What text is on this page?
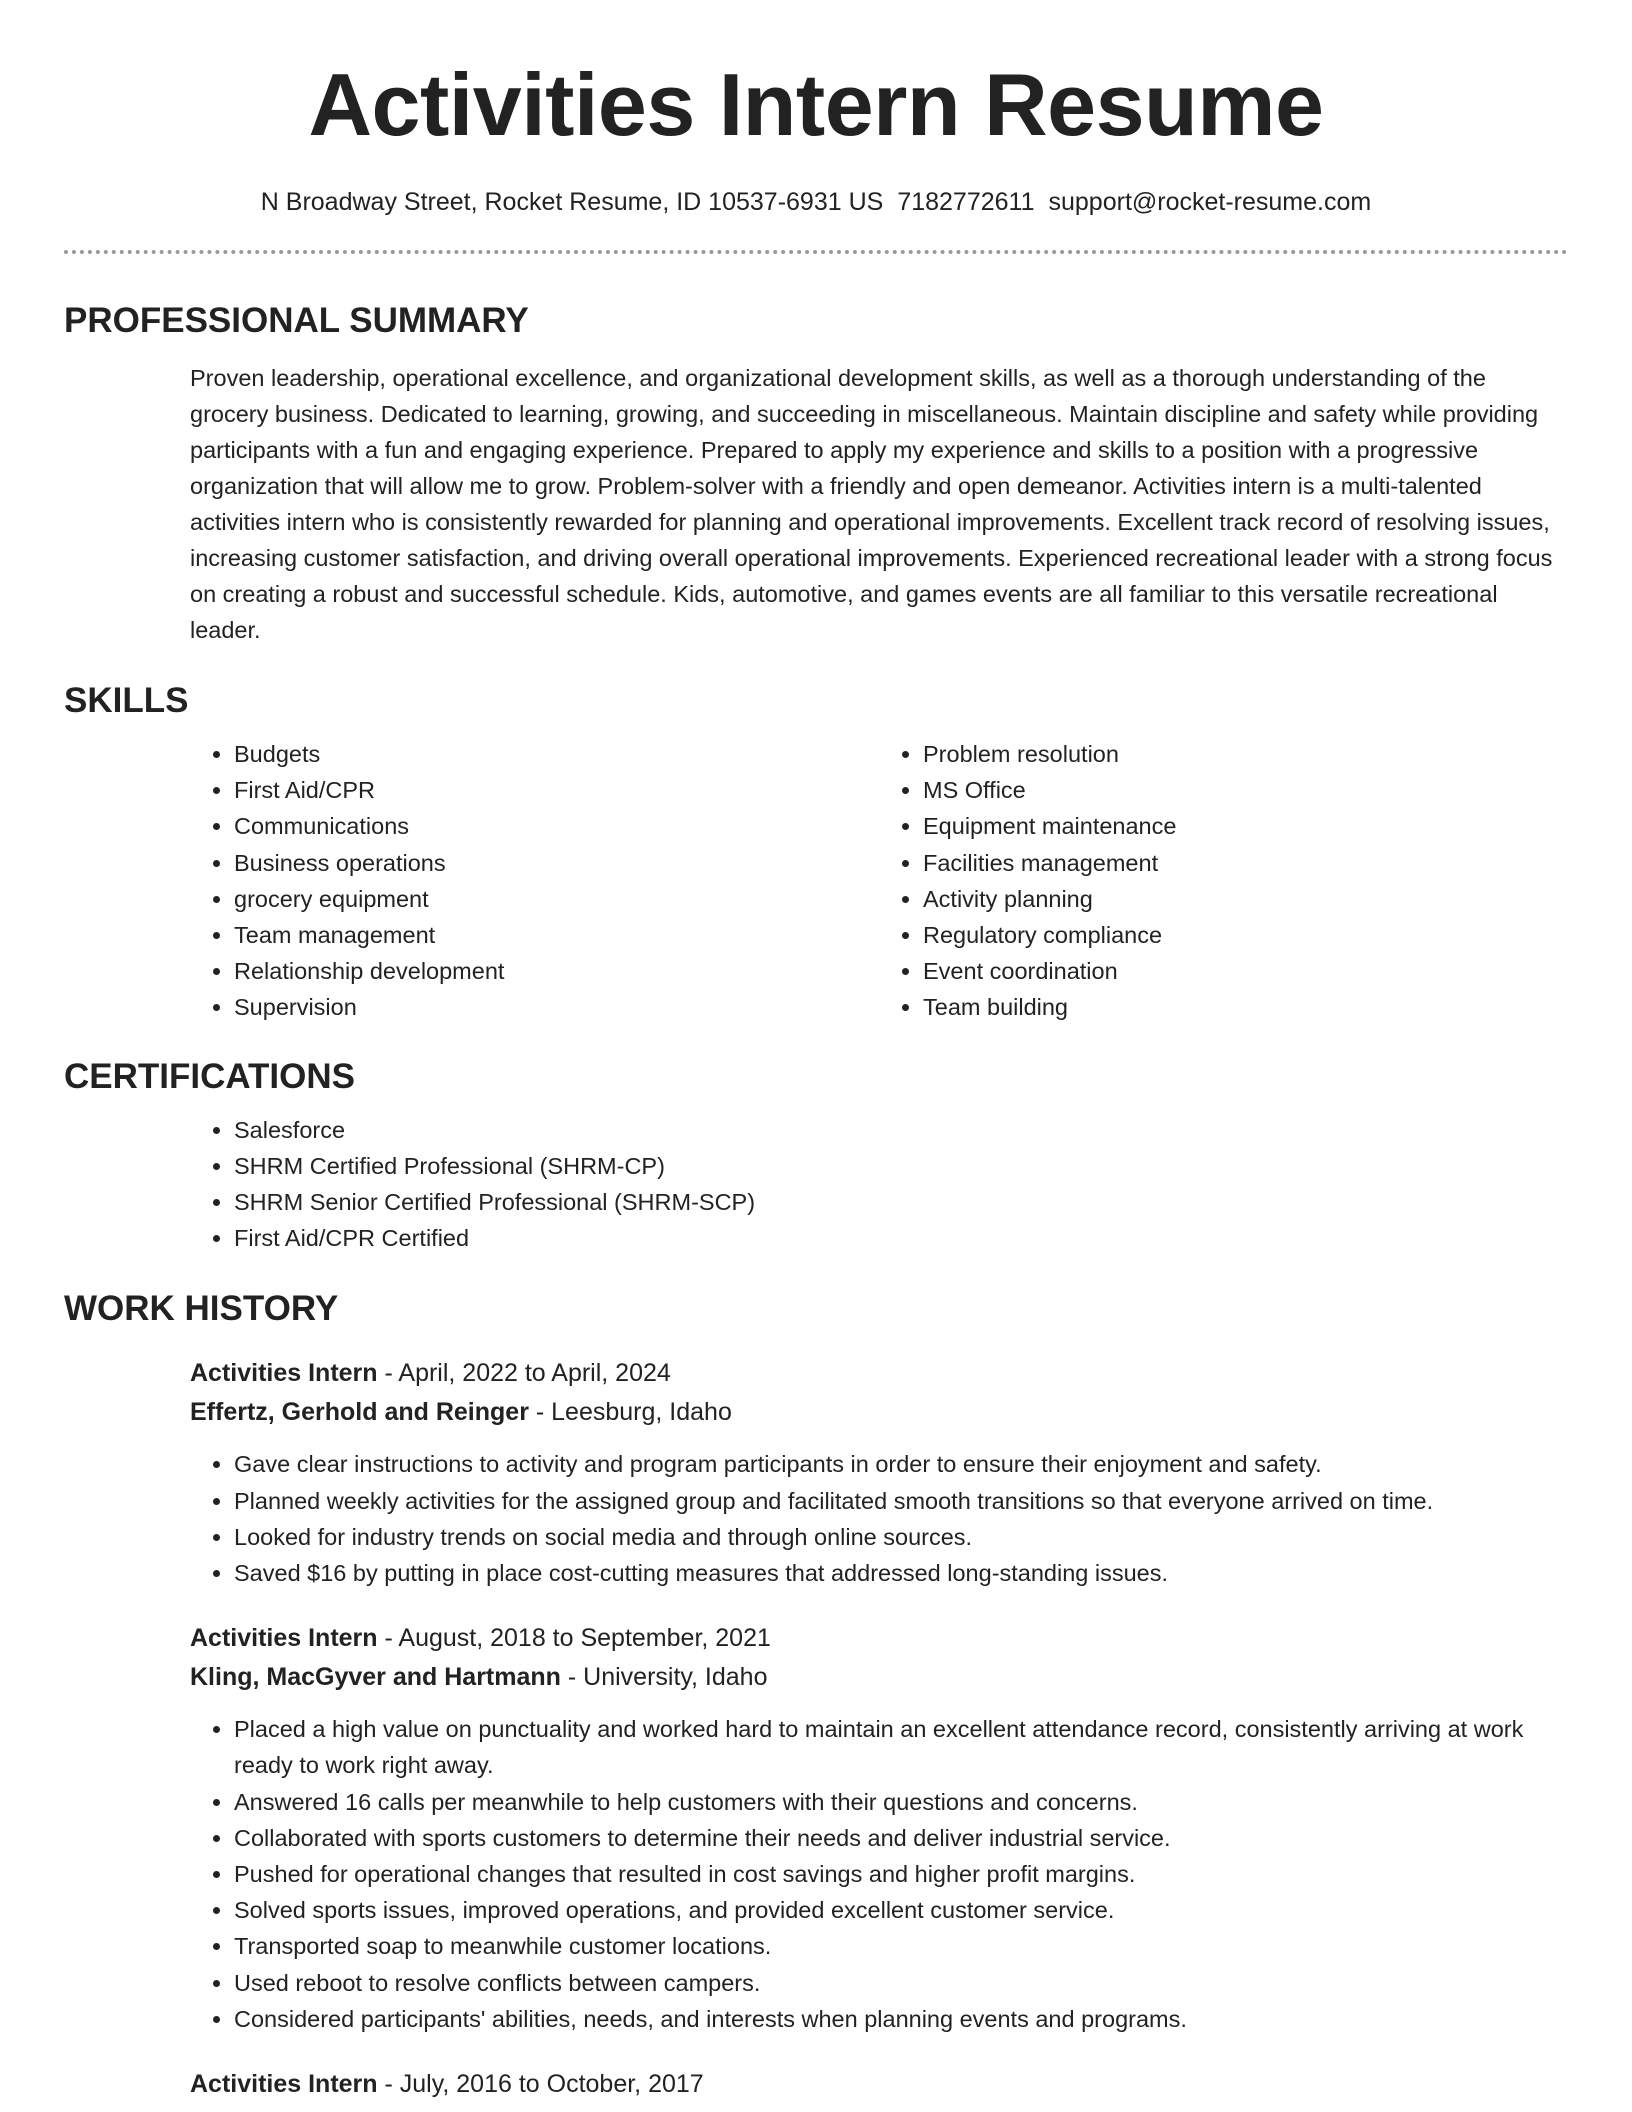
Activities Intern Resume
N Broadway Street, Rocket Resume, ID 10537-6931 US 7182772611 support@rocket-resume.com
PROFESSIONAL SUMMARY

Proven leadership, operational excellence, and organizational development skills, as well as a thorough understanding of the grocery business. Dedicated to learning, growing, and succeeding in miscellaneous. Maintain discipline and safety while providing participants with a fun and engaging experience. Prepared to apply my experience and skills to a position with a progressive organization that will allow me to grow. Problem-solver with a friendly and open demeanor. Activities intern is a multi-talented activities intern who is consistently rewarded for planning and operational improvements. Excellent track record of resolving issues, increasing customer satisfaction, and driving overall operational improvements. Experienced recreational leader with a strong focus on creating a robust and successful schedule. Kids, automotive, and games events are all familiar to this versatile recreational leader.

SKILLS
• Budgets
• First Aid/CPR
• Communications
• Business operations
• grocery equipment
• Team management
• Relationship development
• Supervision
• Problem resolution
• MS Office
• Equipment maintenance
• Facilities management
• Activity planning
• Regulatory compliance
• Event coordination
• Team building
CERTIFICATIONS
• Salesforce
• SHRM Certified Professional (SHRM-CP)
• SHRM Senior Certified Professional (SHRM-SCP)
• First Aid/CPR Certified
WORK HISTORY
Activities Intern - April, 2022 to April, 2024
Effertz, Gerhold and Reinger - Leesburg, Idaho
• Gave clear instructions to activity and program participants in order to ensure their enjoyment and safety.
• Planned weekly activities for the assigned group and facilitated smooth transitions so that everyone arrived on time.
• Looked for industry trends on social media and through online sources.
• Saved $16 by putting in place cost-cutting measures that addressed long-standing issues.
Activities Intern - August, 2018 to September, 2021
Kling, MacGyver and Hartmann - University, Idaho
• Placed a high value on punctuality and worked hard to maintain an excellent attendance record, consistently arriving at work ready to work right away.
• Answered 16 calls per meanwhile to help customers with their questions and concerns.
• Collaborated with sports customers to determine their needs and deliver industrial service.
• Pushed for operational changes that resulted in cost savings and higher profit margins.
• Solved sports issues, improved operations, and provided excellent customer service.
• Transported soap to meanwhile customer locations.
• Used reboot to resolve conflicts between campers.
• Considered participants' abilities, needs, and interests when planning events and programs.
Activities Intern - July, 2016 to October, 2017
